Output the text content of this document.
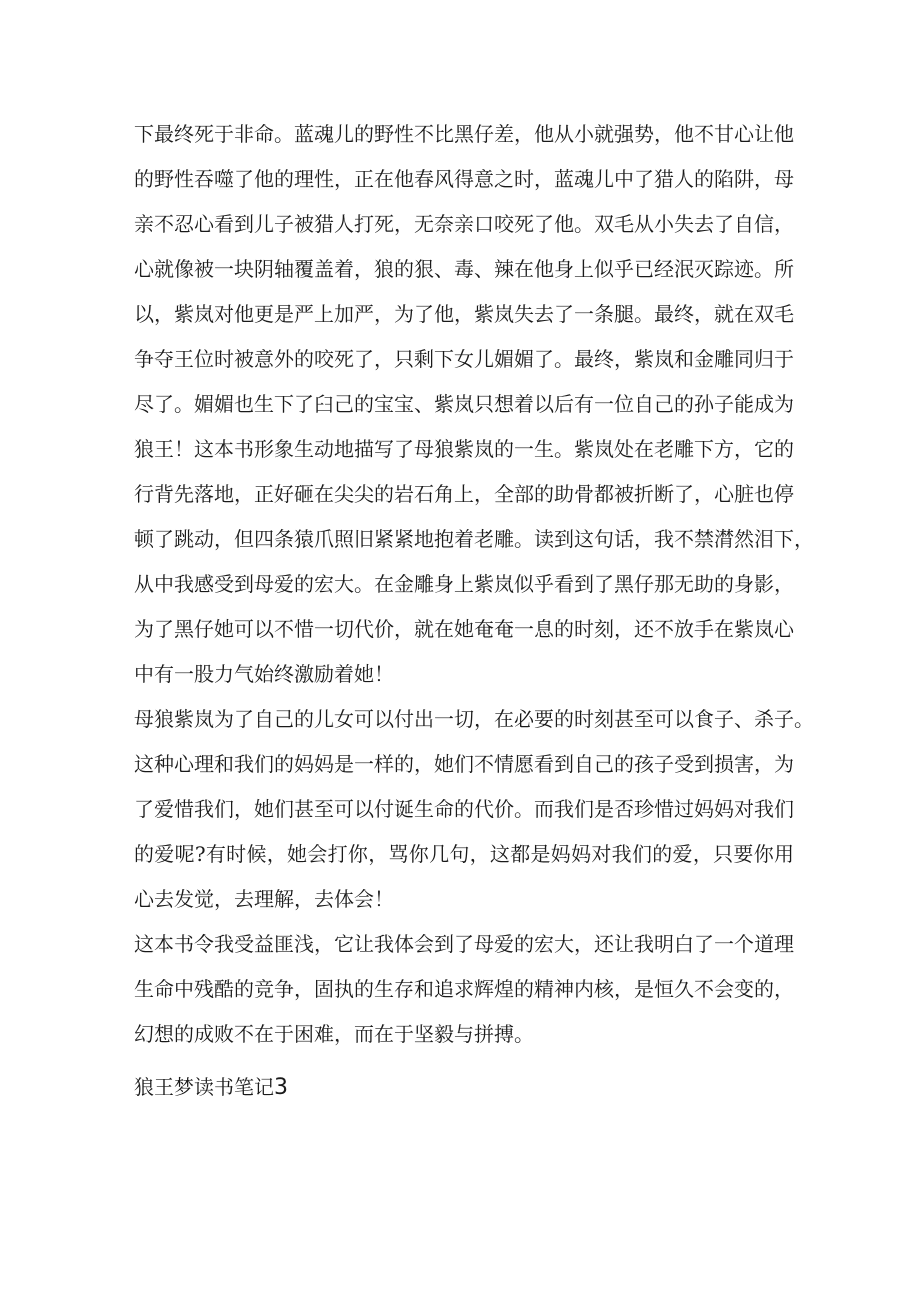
下最终死于非命。蓝魂儿的野性不比黑仔差，他从小就强势，他不甘心让他
的野性吞噬了他的理性，正在他春风得意之时，蓝魂儿中了猎人的陷阱，母
亲不忍心看到儿子被猎人打死，无奈亲口咬死了他。双毛从小失去了自信，
心就像被一块阴轴覆盖着，狼的狠、毒、辣在他身上似乎已经泯灭踪迹。所
以，紫岚对他更是严上加严，为了他，紫岚失去了一条腿。最终，就在双毛
争夺王位时被意外的咬死了，只剩下女儿媚媚了。最终，紫岚和金雕同归于
尽了。媚媚也生下了臼己的宝宝、紫岚只想着以后有一位自己的孙子能成为
狼王！这本书形象生动地描写了母狼紫岚的一生。紫岚处在老雕下方，它的
行背先落地，正好砸在尖尖的岩石角上，全部的助骨都被折断了，心脏也停
顿了跳动，但四条猿爪照旧紧紧地抱着老雕。读到这句话，我不禁潸然泪下，
从中我感受到母爱的宏大。在金雕身上紫岚似乎看到了黑仔那无助的身影，
为了黑仔她可以不惜一切代价，就在她奄奄一息的时刻，还不放手在紫岚心
中有一股力气始终激励着她！
母狼紫岚为了自己的儿女可以付出一切，在必要的时刻甚至可以食子、杀子。
这种心理和我们的妈妈是一样的，她们不情愿看到自己的孩子受到损害，为
了爱惜我们，她们甚至可以付诞生命的代价。而我们是否珍惜过妈妈对我们
的爱呢?有时候，她会打你，骂你几句，这都是妈妈对我们的爱，只要你用
心去发觉，去理解，去体会！
这本书令我受益匪浅，它让我体会到了母爱的宏大，还让我明白了一个道理
生命中残酷的竞争，固执的生存和追求辉煌的精神内核，是恒久不会变的，
幻想的成败不在于困难，而在于坚毅与拼搏。
狼王梦读书笔记3
